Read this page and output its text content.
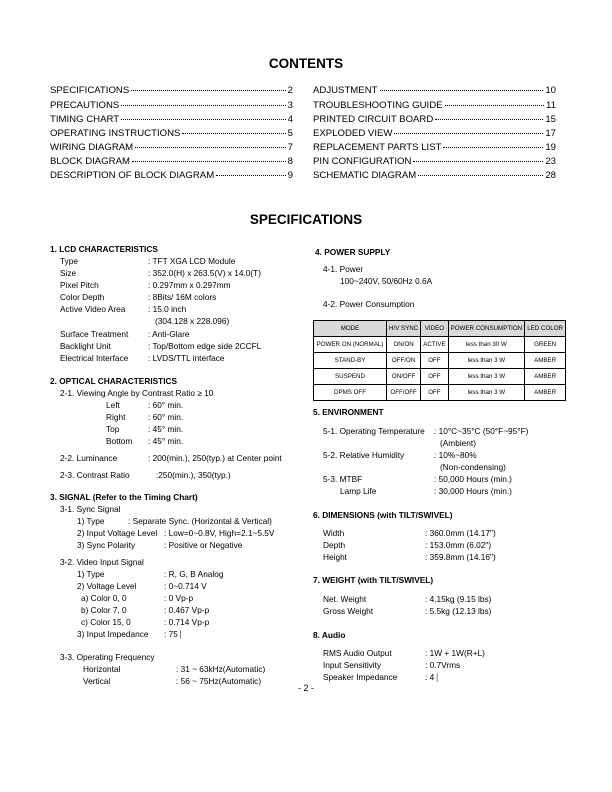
CONTENTS
SPECIFICATIONS
SPECIFICATIONS	2
PRECAUTIONS	3
TIMING CHART	4
OPERATING INSTRUCTIONS	5
WIRING DIAGRAM	7
BLOCK DIAGRAM	8
DESCRIPTION OF BLOCK DIAGRAM	9
ADJUSTMENT	10
TROUBLESHOOTING GUIDE	11
PRINTED CIRCUIT BOARD	15
EXPLODED VIEW	17
REPLACEMENT PARTS LIST	19
PIN CONFIGURATION	23
SCHEMATIC DIAGRAM	28
1. LCD CHARACTERISTICS
Type	: TFT XGA LCD Module
Size	: 352.0(H) x 263.5(V) x 14.0(T)
Pixel Pitch	: 0.297mm x 0.297mm
Color Depth	: 8Bits/ 16M colors
Active Video Area	: 15.0 inch
(304.128 x 228.096)
Surface Treatment : Anti-Glare
Backlight Unit	: Top/Bottom edge side 2CCFL
Electrical Interface : LVDS/TTL interface
2. OPTICAL CHARACTERISTICS
2-1. Viewing Angle by Contrast Ratio ≥ 10
Left	: 60° min.
Right	: 60° min.
Top	: 45° min.
Bottom : 45° min.
2-2. Luminance	: 200(min.), 250(typ.) at Center point
2-3. Contrast Ratio	:250(min.), 350(typ.)
3. SIGNAL (Refer to the Timing Chart)
3-1. Sync Signal
1) Type	: Separate Sync. (Horizontal & Vertical)
2) Input Voltage Level : Low=0~0.8V, High=2.1~5.5V
3) Sync Polarity	: Positive or Negative
3-2. Video Input Signal
1) Type	: R, G, B Analog
2) Voltage Level	: 0~0.714 V
a) Color 0, 0	: 0 Vp-p
b) Color 7, 0	: 0.467 Vp-p
c) Color 15, 0	: 0.714 Vp-p
3) Input Impedance : 75 ⎸
3-3. Operating Frequency
Horizontal	: 31 ~ 63kHz(Automatic)
Vertical	: 56 ~ 75Hz(Automatic)
4. POWER SUPPLY
4-1. Power
100~240V, 50/60Hz 0.6A
4-2. Power Consumption
MODE	H/V SYNC	VIDEO	POWER CONSUMPTION	LED COLOR
POWER ON (NORMAL)	ON/ON	ACTIVE	less than 30 W	GREEN
STAND-BY	OFF/ON	OFF	less than 3 W	AMBER
SUSPEND	ON/OFF	OFF	less than 3 W	AMBER
DPMS OFF	OFF/OFF	OFF	less than 3 W	AMBER
5. ENVIRONMENT
5-1. Operating Temperature : 10°C~35°C (50°F~95°F)
(Ambient)
5-2. Relative Humidity	: 10%~80%
(Non-condensing)
5-3. MTBF	: 50,000 Hours (min.)
Lamp Life	: 30,000 Hours (min.)
6. DIMENSIONS (with TILT/SWIVEL)
Width	: 360.0mm (14.17")
Depth	: 153.0mm (6.02")
Height	: 359.8mm (14.16")
7. WEIGHT (with TILT/SWIVEL)
Net. Weight	: 4.15kg (9.15 lbs)
Gross Weight	: 5.5kg (12.13 lbs)
8. Audio
RMS Audio Output	: 1W + 1W(R+L)
Input Sensitivity	: 0.7Vrms
Speaker Impedance	: 4 ⎸
- 2 -
